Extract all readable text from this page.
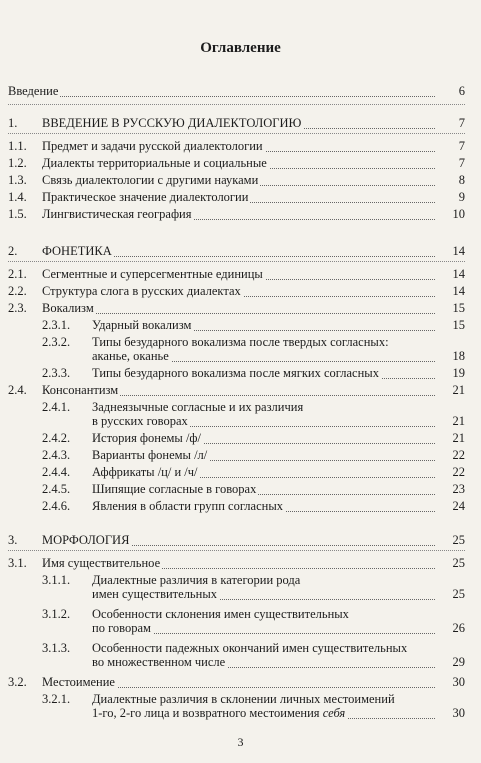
Оглавление
Введение	6
1. ВВЕДЕНИЕ В РУССКУЮ ДИАЛЕКТОЛОГИЮ	7
1.1. Предмет и задачи русской диалектологии	7
1.2. Диалекты территориальные и социальные	7
1.3. Связь диалектологии с другими науками	8
1.4. Практическое значение диалектологии	9
1.5. Лингвистическая география	10
2. ФОНЕТИКА	14
2.1. Сегментные и суперсегментные единицы	14
2.2. Структура слога в русских диалектах	14
2.3. Вокализм	15
2.3.1. Ударный вокализм	15
2.3.2. Типы безударного вокализма после твердых согласных:
аканье, оканье	18
2.3.3. Типы безударного вокализма после мягких согласных	19
2.4. Консонантизм	21
2.4.1. Заднеязычные согласные и их различия
в русских говорах	21
2.4.2. История фонемы /ф/	21
2.4.3. Варианты фонемы /л/	22
2.4.4. Аффрикаты /ц/ и /ч/	22
2.4.5. Шипящие согласные в говорах	23
2.4.6. Явления в области групп согласных	24
3. МОРФОЛОГИЯ	25
3.1. Имя существительное	25
3.1.1. Диалектные различия в категории рода
имен существительных	25
3.1.2. Особенности склонения имен существительных
по говорам	26
3.1.3. Особенности падежных окончаний имен существительных
во множественном числе	29
3.2. Местоимение	30
3.2.1. Диалектные различия в склонении личных местоимений
1-го, 2-го лица и возвратного местоимения себя	30
3
